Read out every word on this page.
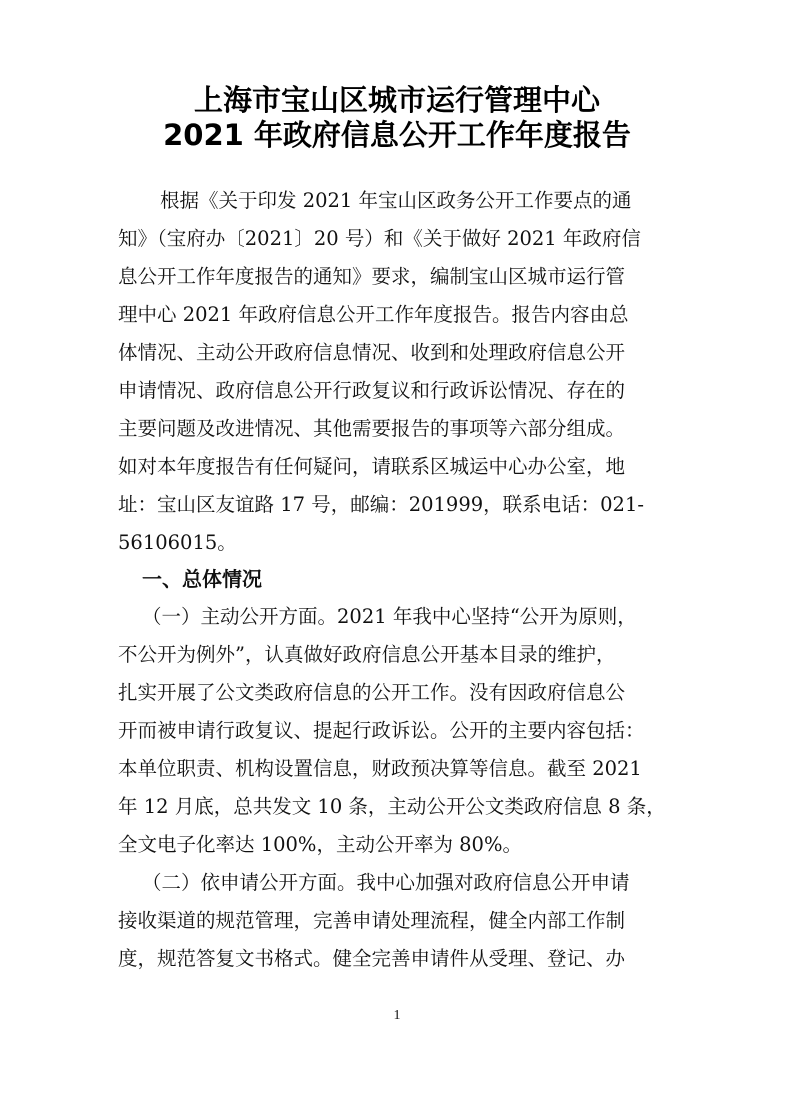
上海市宝山区城市运行管理中心
2021 年政府信息公开工作年度报告
根据《关于印发 2021 年宝山区政务公开工作要点的通
知》（宝府办〔2021〕20 号）和《关于做好 2021 年政府信
息公开工作年度报告的通知》要求，编制宝山区城市运行管
理中心 2021 年政府信息公开工作年度报告。报告内容由总
体情况、主动公开政府信息情况、收到和处理政府信息公开
申请情况、政府信息公开行政复议和行政诉讼情况、存在的
主要问题及改进情况、其他需要报告的事项等六部分组成。
如对本年度报告有任何疑问，请联系区城运中心办公室，地
址：宝山区友谊路 17 号，邮编：201999，联系电话：021-
56106015。
一、总体情况
（一）主动公开方面。2021 年我中心坚持“公开为原则，
不公开为例外”，认真做好政府信息公开基本目录的维护，
扎实开展了公文类政府信息的公开工作。没有因政府信息公
开而被申请行政复议、提起行政诉讼。公开的主要内容包括：
本单位职责、机构设置信息，财政预决算等信息。截至 2021
年 12 月底，总共发文 10 条，主动公开公文类政府信息 8 条，
全文电子化率达 100%，主动公开率为 80%。
（二）依申请公开方面。我中心加强对政府信息公开申请
接收渠道的规范管理，完善申请处理流程，健全内部工作制
度，规范答复文书格式。健全完善申请件从受理、登记、办
1
